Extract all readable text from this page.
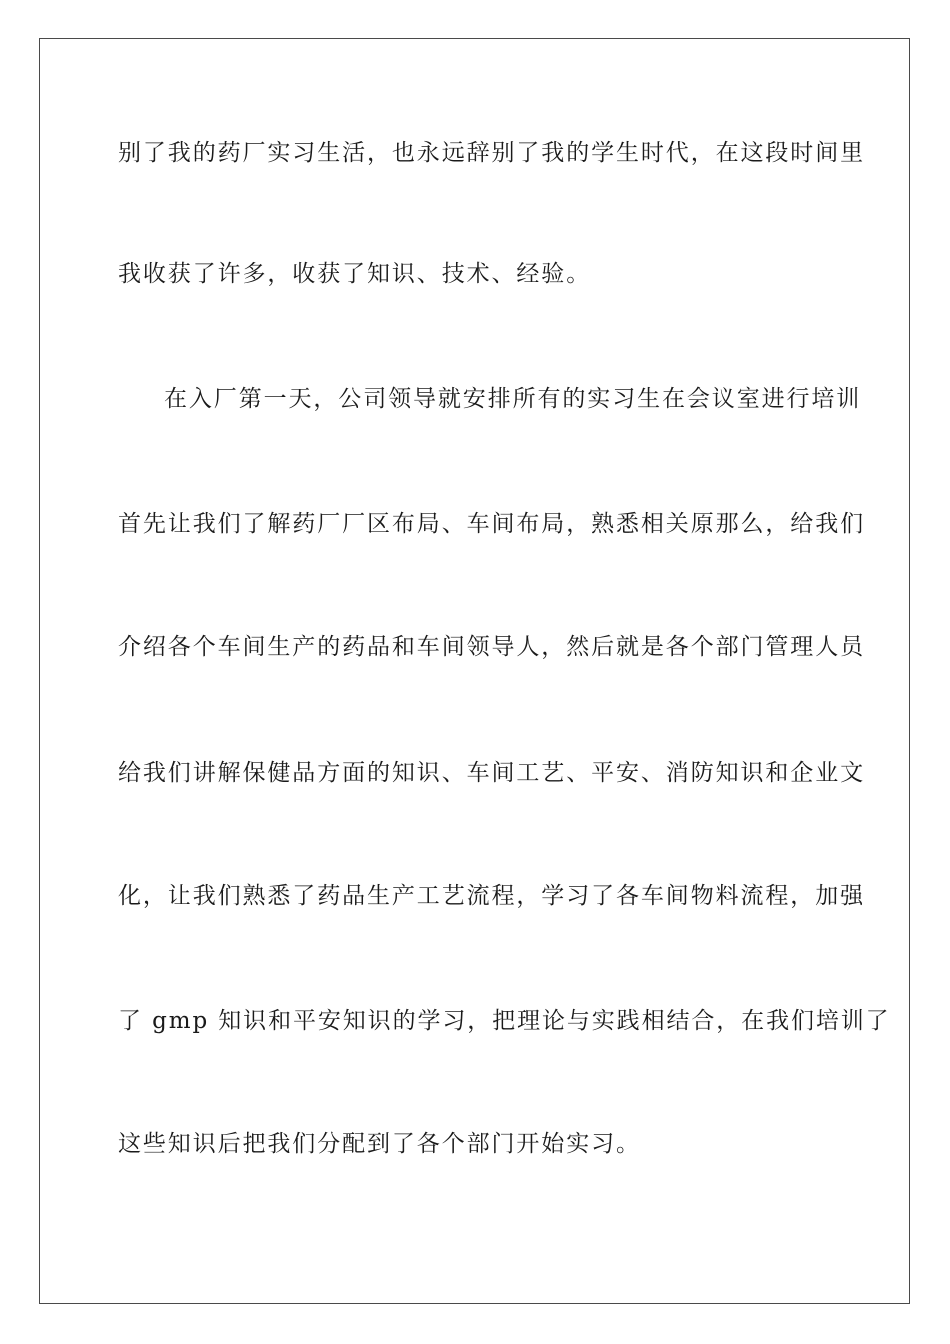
别了我的药厂实习生活，也永远辞别了我的学生时代，在这段时间里

我收获了许多，收获了知识、技术、经验。

在入厂第一天，公司领导就安排所有的实习生在会议室进行培训

首先让我们了解药厂厂区布局、车间布局，熟悉相关原那么，给我们

介绍各个车间生产的药品和车间领导人，然后就是各个部门管理人员

给我们讲解保健品方面的知识、车间工艺、平安、消防知识和企业文

化，让我们熟悉了药品生产工艺流程，学习了各车间物料流程，加强

了 gmp 知识和平安知识的学习，把理论与实践相结合，在我们培训了

这些知识后把我们分配到了各个部门开始实习。
